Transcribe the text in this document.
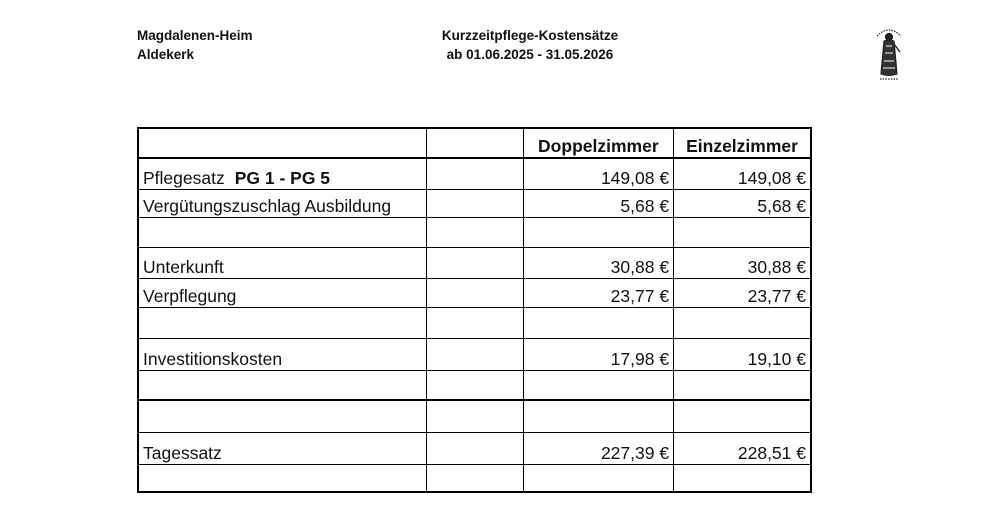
Magdalenen-Heim
Aldekerk
Kurzzeitpflege-Kostensätze
ab 01.06.2025 - 31.05.2026
		Doppelzimmer	Einzelzimmer
Pflegesatz PG 1 - PG 5		149,08 €	149,08 €
Vergütungszuschlag Ausbildung		5,68 €	5,68 €

Unterkunft		30,88 €	30,88 €
Verpflegung		23,77 €	23,77 €

Investitionskosten		17,98 €	19,10 €

Tagessatz		227,39 €	228,51 €
